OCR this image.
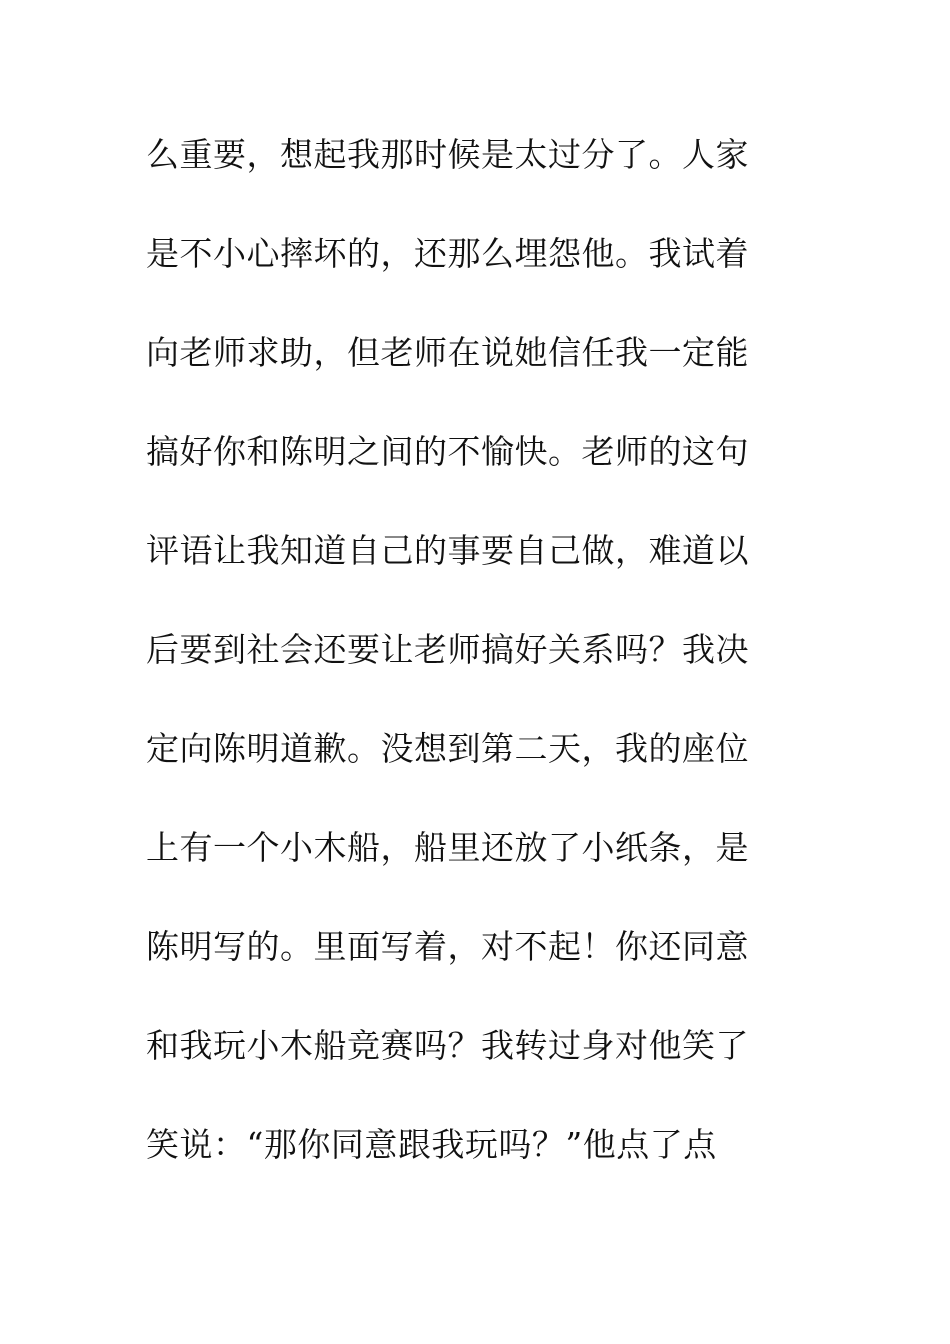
么重要，想起我那时候是太过分了。人家
是不小心摔坏的，还那么埋怨他。我试着
向老师求助，但老师在说她信任我一定能
搞好你和陈明之间的不愉快。老师的这句
评语让我知道自己的事要自己做，难道以
后要到社会还要让老师搞好关系吗？我决
定向陈明道歉。没想到第二天，我的座位
上有一个小木船，船里还放了小纸条，是
陈明写的。里面写着，对不起！你还同意
和我玩小木船竞赛吗？我转过身对他笑了
笑说：“那你同意跟我玩吗？”他点了点
